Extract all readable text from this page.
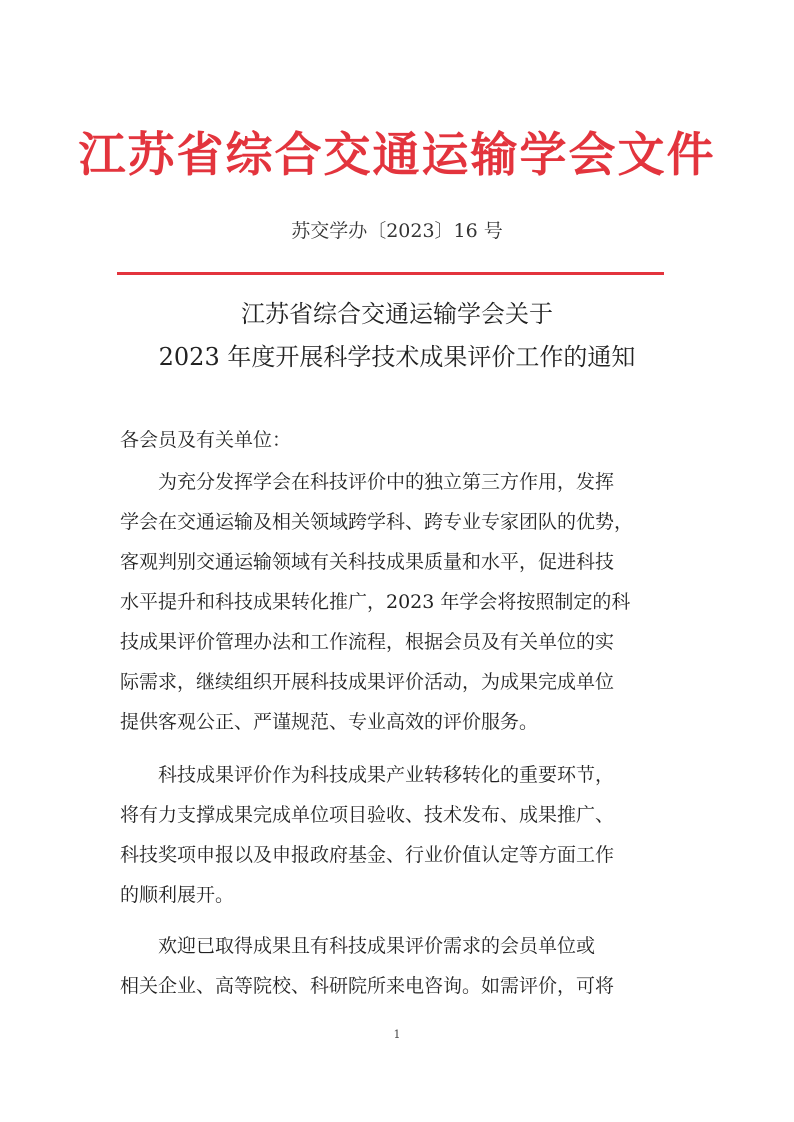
江苏省综合交通运输学会文件
苏交学办〔2023〕16 号
江苏省综合交通运输学会关于
2023 年度开展科学技术成果评价工作的通知
各会员及有关单位：
为充分发挥学会在科技评价中的独立第三方作用，发挥
学会在交通运输及相关领域跨学科、跨专业专家团队的优势，
客观判别交通运输领域有关科技成果质量和水平，促进科技
水平提升和科技成果转化推广，2023 年学会将按照制定的科
技成果评价管理办法和工作流程，根据会员及有关单位的实
际需求，继续组织开展科技成果评价活动，为成果完成单位
提供客观公正、严谨规范、专业高效的评价服务。
科技成果评价作为科技成果产业转移转化的重要环节，
将有力支撑成果完成单位项目验收、技术发布、成果推广、
科技奖项申报以及申报政府基金、行业价值认定等方面工作
的顺利展开。
欢迎已取得成果且有科技成果评价需求的会员单位或
相关企业、高等院校、科研院所来电咨询。如需评价，可将
1
